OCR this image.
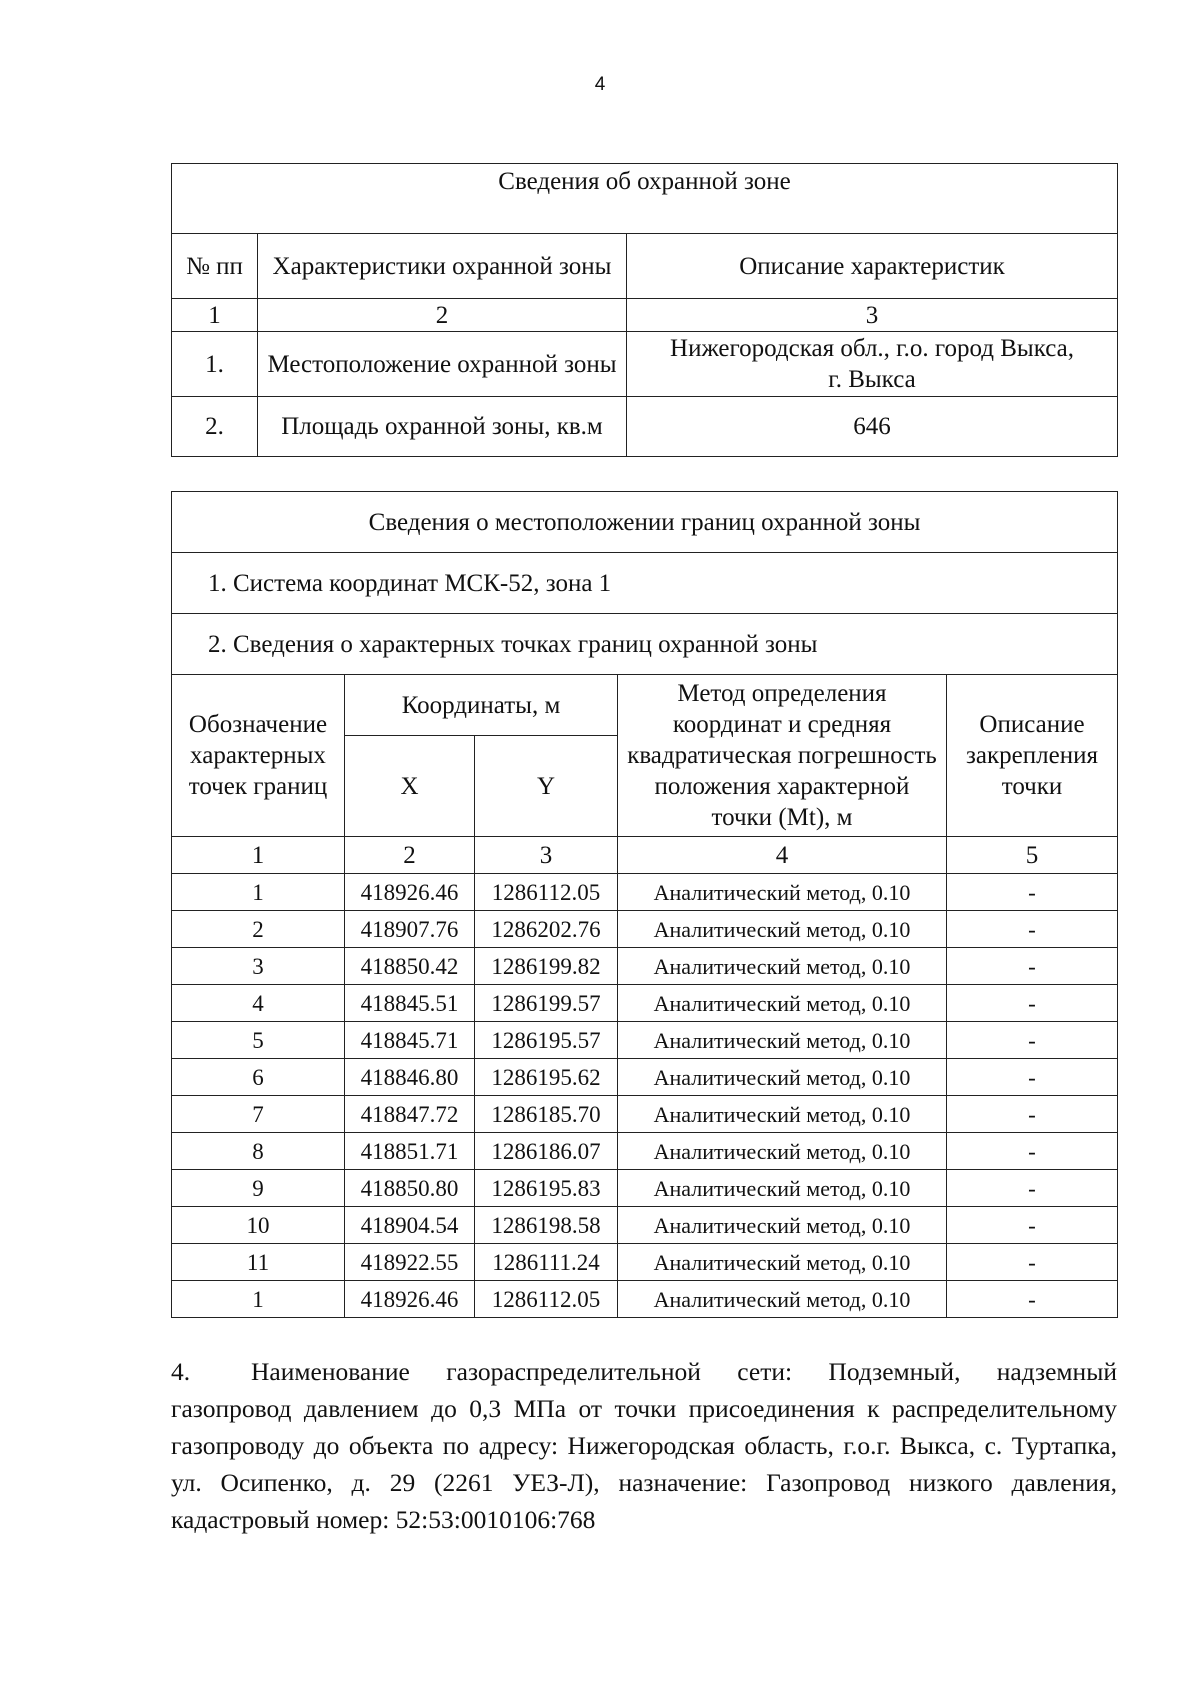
4
Сведения об охранной зоне		
№ пп	Характеристики охранной зоны	Описание характеристик
1	2	3
1.	Местоположение охранной зоны	Нижегородская обл., г.о. город Выкса,
г. Выкса

2.	Площадь охранной зоны, кв.м	646
Сведения о местоположении границ охранной зоны				
1. Система координат МСК-52, зона 1				
2. Сведения о характерных точках границ охранной зоны				
Обозначение характерных точек границ	Координаты, м		Метод определения координат и средняя квадратическая погрешность положения характерной точки (Mt), м	Описание закрепления точки
	X	Y		
1	2	3	4	5
1	418926.46	1286112.05	Аналитический метод, 0.10	-
2	418907.76	1286202.76	Аналитический метод, 0.10	-
3	418850.42	1286199.82	Аналитический метод, 0.10	-
4	418845.51	1286199.57	Аналитический метод, 0.10	-
5	418845.71	1286195.57	Аналитический метод, 0.10	-
6	418846.80	1286195.62	Аналитический метод, 0.10	-
7	418847.72	1286185.70	Аналитический метод, 0.10	-
8	418851.71	1286186.07	Аналитический метод, 0.10	-
9	418850.80	1286195.83	Аналитический метод, 0.10	-
10	418904.54	1286198.58	Аналитический метод, 0.10	-
11	418922.55	1286111.24	Аналитический метод, 0.10	-
1	418926.46	1286112.05	Аналитический метод, 0.10	-

4. Наименование газораспределительной сети: Подземный, надземный газопровод давлением до 0,3 МПа от точки присоединения к распределительному газопроводу до объекта по адресу: Нижегородская область, г.о.г. Выкса, с. Туртапка, ул. Осипенко, д. 29 (2261 УЕЗ-Л), назначение: Газопровод низкого давления, кадастровый номер: 52:53:0010106:768
